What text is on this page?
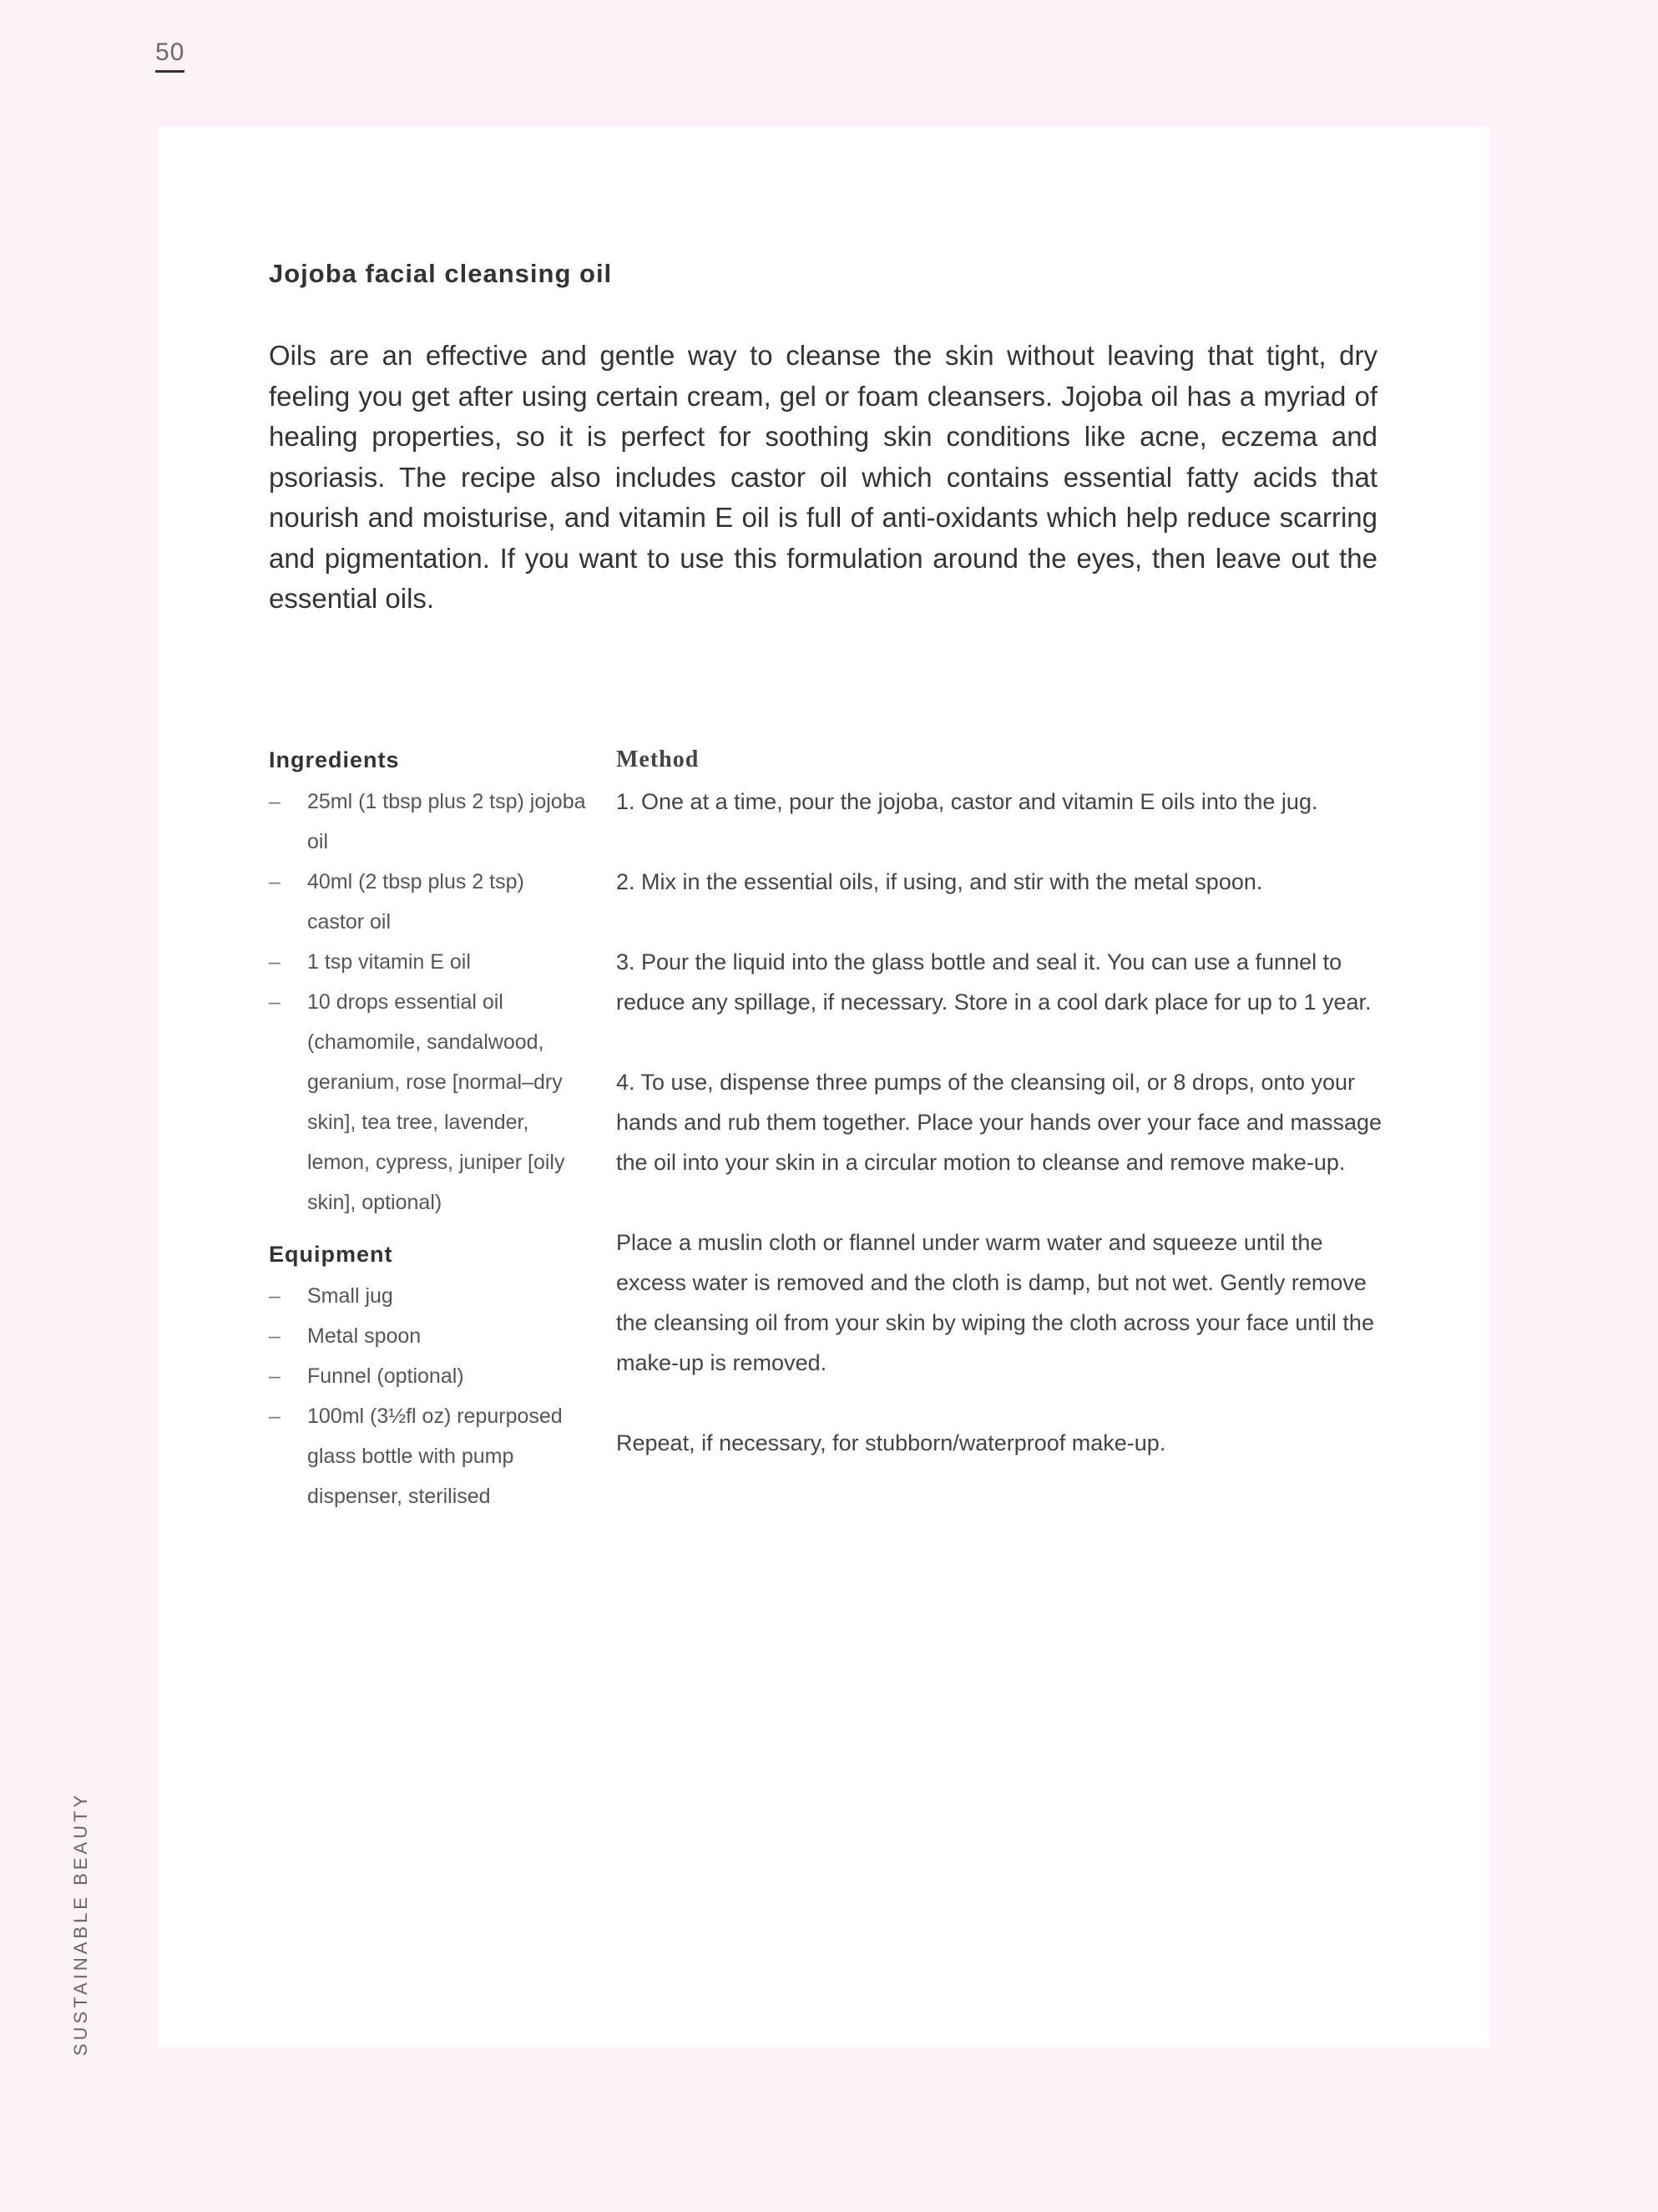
50
Jojoba facial cleansing oil

Oils are an effective and gentle way to cleanse the skin without leaving that tight, dry feeling you get after using certain cream, gel or foam cleansers. Jojoba oil has a myriad of healing properties, so it is perfect for soothing skin conditions like acne, eczema and psoriasis. The recipe also includes castor oil which contains essential fatty acids that nourish and moisturise, and vitamin E oil is full of anti-oxidants which help reduce scarring and pigmentation. If you want to use this formulation around the eyes, then leave out the essential oils.

Ingredients
– 25ml (1 tbsp plus 2 tsp) jojoba oil
– 40ml (2 tbsp plus 2 tsp) castor oil
– 1 tsp vitamin E oil
– 10 drops essential oil (chamomile, sandalwood, geranium, rose [normal–dry skin], tea tree, lavender, lemon, cypress, juniper [oily skin], optional)
Equipment
– Small jug
– Metal spoon
– Funnel (optional)
– 100ml (3½fl oz) repurposed glass bottle with pump dispenser, sterilised
Method

1. One at a time, pour the jojoba, castor and vitamin E oils into the jug.

2. Mix in the essential oils, if using, and stir with the metal spoon.

3. Pour the liquid into the glass bottle and seal it. You can use a funnel to reduce any spillage, if necessary. Store in a cool dark place for up to 1 year.

4. To use, dispense three pumps of the cleansing oil, or 8 drops, onto your hands and rub them together. Place your hands over your face and massage the oil into your skin in a circular motion to cleanse and remove make-up.

Place a muslin cloth or flannel under warm water and squeeze until the excess water is removed and the cloth is damp, but not wet. Gently remove the cleansing oil from your skin by wiping the cloth across your face until the make-up is removed.

Repeat, if necessary, for stubborn/waterproof make-up.

SUSTAINABLE BEAUTY
